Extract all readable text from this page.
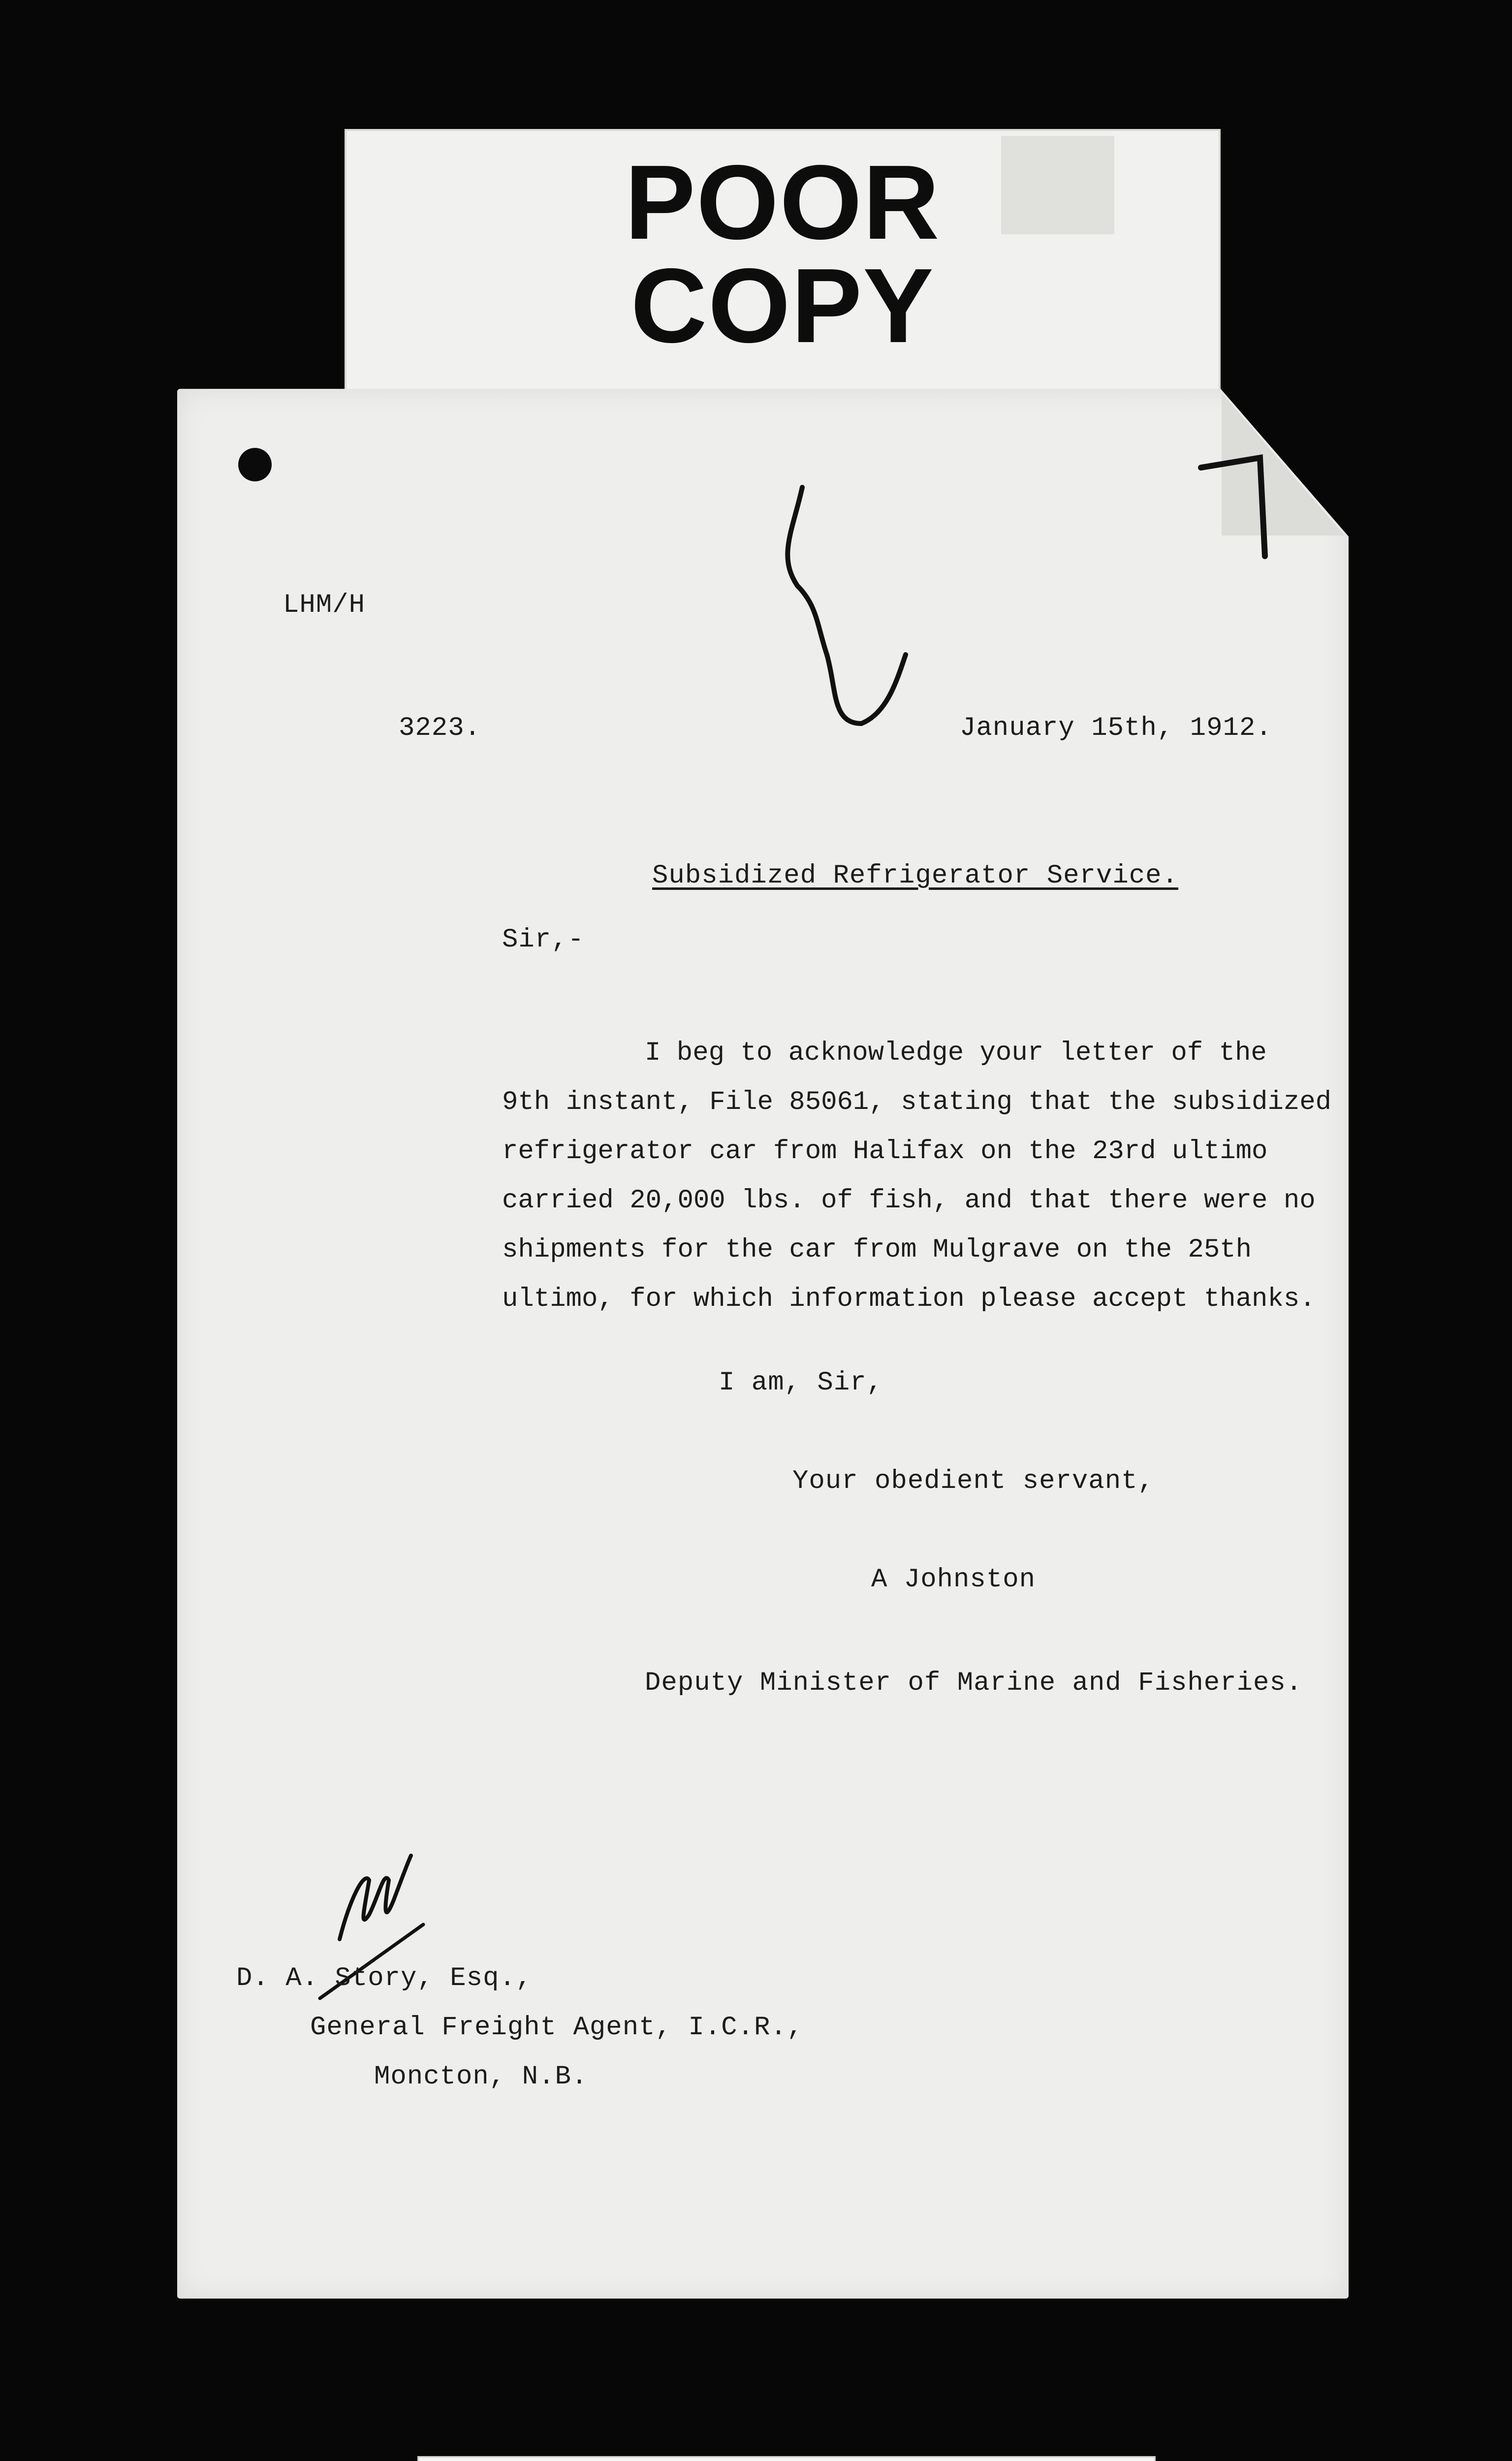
POOR
COPY
LHM/H
3223.	January 15th, 1912.
Subsidized Refrigerator Service.
Sir,-
I beg to acknowledge your letter of the
9th instant, File 85061, stating that the subsidized
refrigerator car from Halifax on the 23rd ultimo
carried 20,000 lbs. of fish, and that there were no
shipments for the car from Mulgrave on the 25th
ultimo, for which information please accept thanks.
I am, Sir,
Your obedient servant,
A Johnston
Deputy Minister of Marine and Fisheries.
D. A. Story, Esq.,
General Freight Agent, I.C.R.,
Moncton, N.B.
